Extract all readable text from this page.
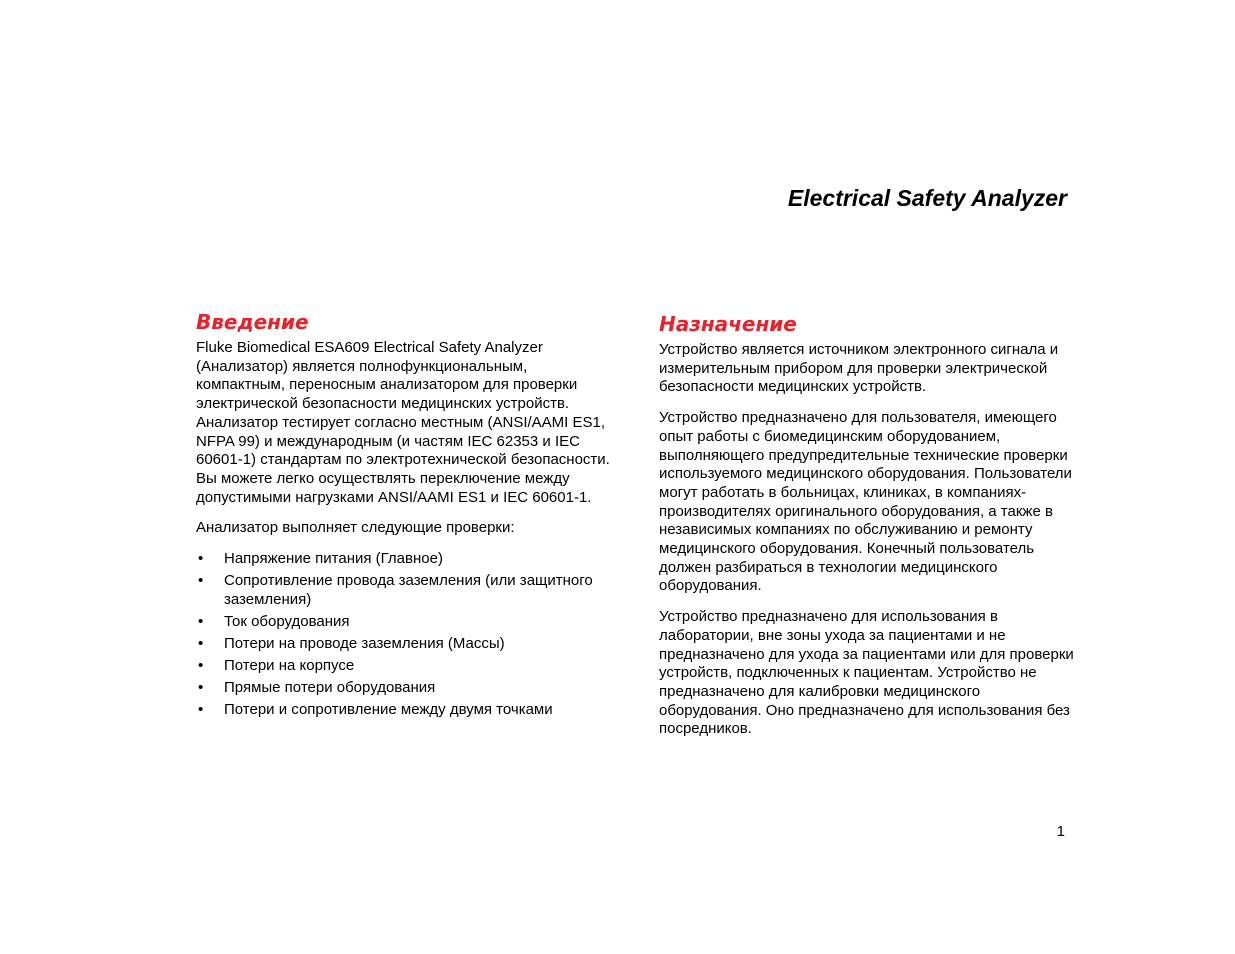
Electrical Safety Analyzer
Введение

Fluke Biomedical ESA609 Electrical Safety Analyzer (Анализатор) является полнофункциональным, компактным, переносным анализатором для проверки электрической безопасности медицинских устройств. Анализатор тестирует согласно местным (ANSI/AAMI ES1, NFPA 99) и международным (и частям IEC 62353 и IEC 60601-1) стандартам по электротехнической безопасности. Вы можете легко осуществлять переключение между допустимыми нагрузками ANSI/AAMI ES1 и IEC 60601-1.

Анализатор выполняет следующие проверки:

• Напряжение питания (Главное)
• Сопротивление провода заземления (или защитного заземления)
• Ток оборудования
• Потери на проводе заземления (Массы)
• Потери на корпусе
• Прямые потери оборудования
• Потери и сопротивление между двумя точками
Назначение

Устройство является источником электронного сигнала и измерительным прибором для проверки электрической безопасности медицинских устройств.

Устройство предназначено для пользователя, имеющего опыт работы с биомедицинским оборудованием, выполняющего предупредительные технические проверки используемого медицинского оборудования. Пользователи могут работать в больницах, клиниках, в компаниях-производителях оригинального оборудования, а также в независимых компаниях по обслуживанию и ремонту медицинского оборудования. Конечный пользователь должен разбираться в технологии медицинского оборудования.

Устройство предназначено для использования в лаборатории, вне зоны ухода за пациентами и не предназначено для ухода за пациентами или для проверки устройств, подключенных к пациентам. Устройство не предназначено для калибровки медицинского оборудования. Оно предназначено для использования без посредников.

1
